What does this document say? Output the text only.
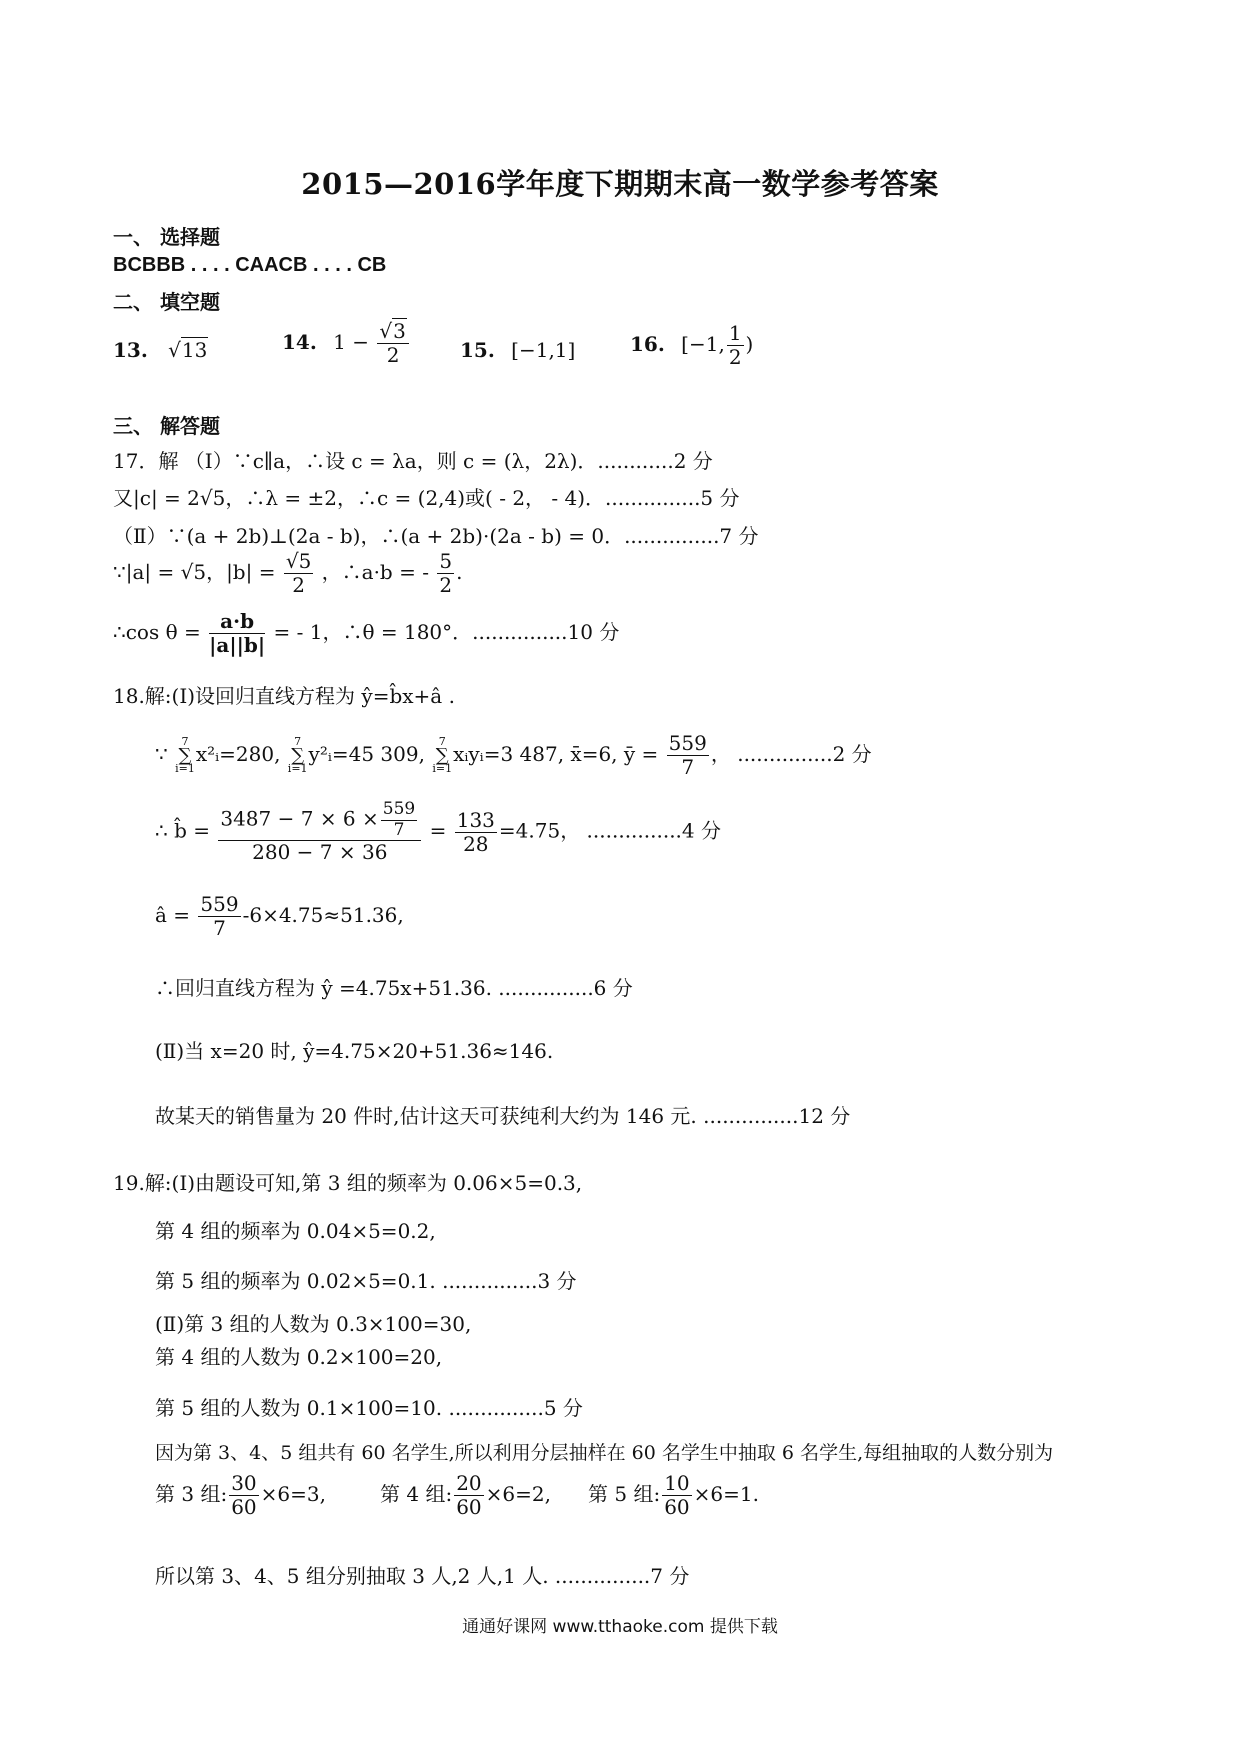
2015—2016学年度下期期末高一数学参考答案
一、 选择题
BCBBB . . . . CAACB . . . . CB
二、 填空题
13. √13	14. $1 - \frac{√3}{2}$	15. [−1,1]	16. [−1, $\frac{1}{2}$ )
三、 解答题
17．解 （Ⅰ）∵c∥a，∴设 c = λa，则 c = (λ，2λ)．............2 分
又|c| = 2√5，∴λ = ±2，∴c = (2,4)或( - 2， - 4)．...............5 分
（Ⅱ）∵(a + 2b)⊥(2a - b)，∴(a + 2b)·(2a - b) = 0．...............7 分
∵|a| = √5，$|b| = \frac{√5}{2}$ ，∴a·b = - $\frac{5}{2}$ .
∴cos $\theta = \frac{a\cdot b}{|a||b|}$ = - 1，∴θ = 180°．...............10 分
18.解:(Ⅰ)设回归直线方程为 ŷ=b̂x+â .
∵
7
∑
i=1
x²ᵢ=280,
7
∑
i=1
y²ᵢ=45 309,
7
∑
i=1
xᵢyᵢ=3 487, x̄=6, ȳ = $\frac{559}{7}$ ， ...............2 分
∴ b̂ = $\frac{3487 - 7 \times 6 \times \frac{559}{7}}{280 - 7 \times 36} = \frac{133}{28} =4.75$， ...............4 分
â = $\frac{559}{7} -6\times 4.75\approx 51.36$,
∴回归直线方程为 ŷ =4.75x+51.36. ...............6 分
(Ⅱ)当 x=20 时, ŷ=4.75×20+51.36≈146.
故某天的销售量为 20 件时,估计这天可获纯利大约为 146 元. ...............12 分
19.解:(Ⅰ)由题设可知,第 3 组的频率为 0.06×5=0.3,
第 4 组的频率为 0.04×5=0.2,
第 5 组的频率为 0.02×5=0.1. ...............3 分
(Ⅱ)第 3 组的人数为 0.3×100=30,
第 4 组的人数为 0.2×100=20,
第 5 组的人数为 0.1×100=10. ...............5 分
因为第 3、4、5 组共有 60 名学生,所以利用分层抽样在 60 名学生中抽取 6 名学生,每组抽取的人数分别为
第 3 组: $\frac{30}{60} \times 6=3$,	第 4 组: $\frac{20}{60} \times 6=2$, 第 5 组: $\frac{10}{60} \times 6=1$.
所以第 3、4、5 组分别抽取 3 人,2 人,1 人. ...............7 分
通通好课网 www.tthaoke.com 提供下载
